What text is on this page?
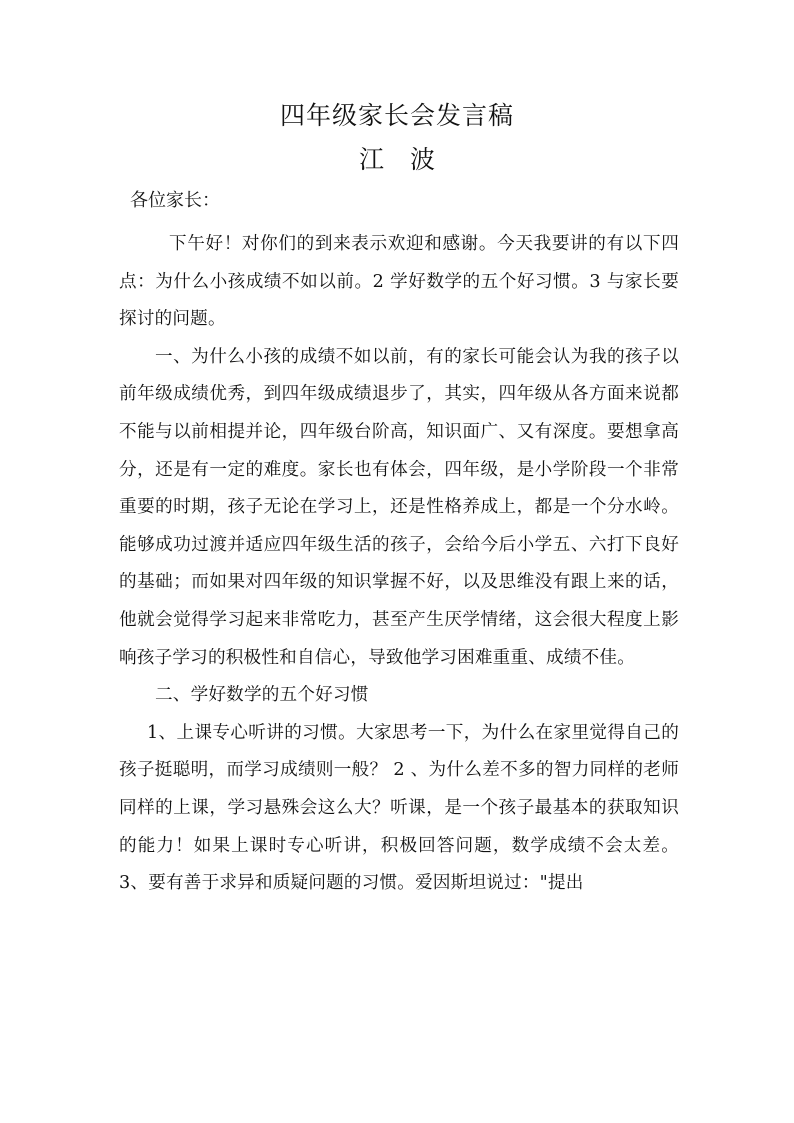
四年级家长会发言稿
江 波
各位家长：

下午好！对你们的到来表示欢迎和感谢。今天我要讲的有以下四点：为什么小孩成绩不如以前。2 学好数学的五个好习惯。3 与家长要探讨的问题。

一、为什么小孩的成绩不如以前，有的家长可能会认为我的孩子以前年级成绩优秀，到四年级成绩退步了，其实，四年级从各方面来说都不能与以前相提并论，四年级台阶高，知识面广、又有深度。要想拿高分，还是有一定的难度。家长也有体会，四年级，是小学阶段一个非常重要的时期，孩子无论在学习上，还是性格养成上，都是一个分水岭。能够成功过渡并适应四年级生活的孩子，会给今后小学五、六打下良好的基础；而如果对四年级的知识掌握不好，以及思维没有跟上来的话，他就会觉得学习起来非常吃力，甚至产生厌学情绪，这会很大程度上影响孩子学习的积极性和自信心，导致他学习困难重重、成绩不佳。

二、学好数学的五个好习惯

1、上课专心听讲的习惯。大家思考一下，为什么在家里觉得自己的孩子挺聪明，而学习成绩则一般？ 2 、为什么差不多的智力同样的老师同样的上课，学习悬殊会这么大？听课，是一个孩子最基本的获取知识的能力！如果上课时专心听讲，积极回答问题，数学成绩不会太差。3、要有善于求异和质疑问题的习惯。爱因斯坦说过："提出
